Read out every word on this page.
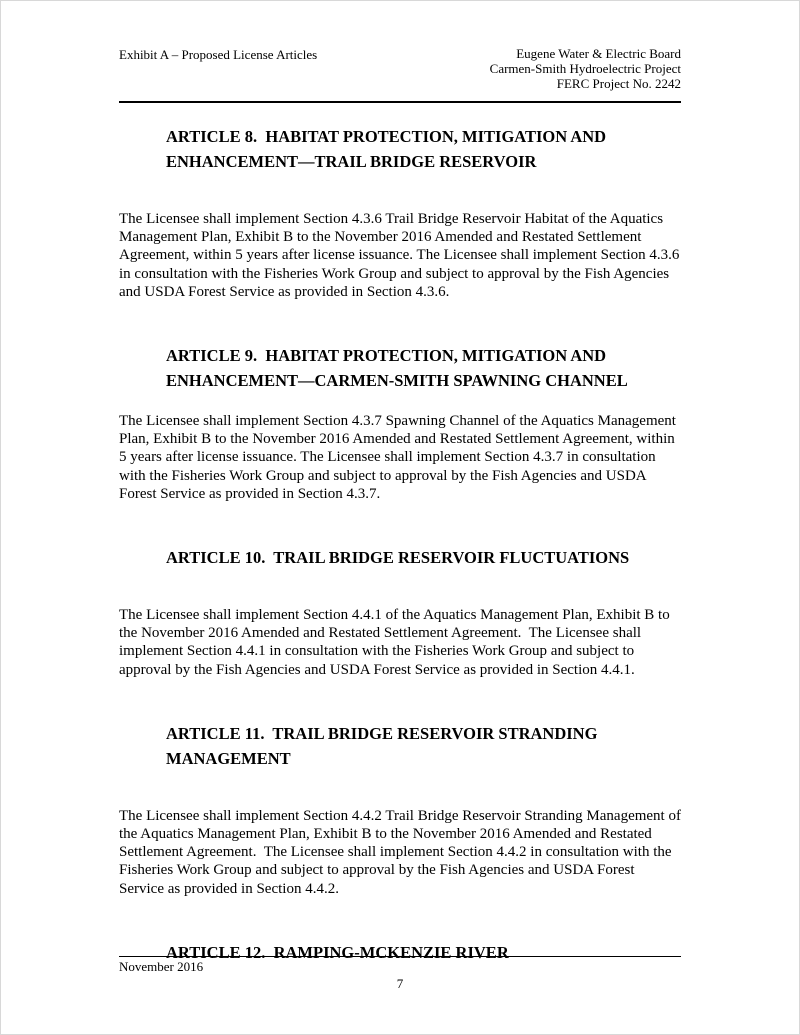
Exhibit A – Proposed License Articles	Eugene Water & Electric Board
Carmen-Smith Hydroelectric Project
FERC Project No. 2242
ARTICLE 8.  HABITAT PROTECTION, MITIGATION AND ENHANCEMENT—TRAIL BRIDGE RESERVOIR

The Licensee shall implement Section 4.3.6 Trail Bridge Reservoir Habitat of the Aquatics Management Plan, Exhibit B to the November 2016 Amended and Restated Settlement Agreement, within 5 years after license issuance. The Licensee shall implement Section 4.3.6 in consultation with the Fisheries Work Group and subject to approval by the Fish Agencies and USDA Forest Service as provided in Section 4.3.6.

ARTICLE 9.  HABITAT PROTECTION, MITIGATION AND ENHANCEMENT—CARMEN-SMITH SPAWNING CHANNEL

The Licensee shall implement Section 4.3.7 Spawning Channel of the Aquatics Management Plan, Exhibit B to the November 2016 Amended and Restated Settlement Agreement, within 5 years after license issuance. The Licensee shall implement Section 4.3.7 in consultation with the Fisheries Work Group and subject to approval by the Fish Agencies and USDA Forest Service as provided in Section 4.3.7.

ARTICLE 10.  TRAIL BRIDGE RESERVOIR FLUCTUATIONS

The Licensee shall implement Section 4.4.1 of the Aquatics Management Plan, Exhibit B to the November 2016 Amended and Restated Settlement Agreement.  The Licensee shall implement Section 4.4.1 in consultation with the Fisheries Work Group and subject to approval by the Fish Agencies and USDA Forest Service as provided in Section 4.4.1.

ARTICLE 11.  TRAIL BRIDGE RESERVOIR STRANDING MANAGEMENT

The Licensee shall implement Section 4.4.2 Trail Bridge Reservoir Stranding Management of the Aquatics Management Plan, Exhibit B to the November 2016 Amended and Restated Settlement Agreement.  The Licensee shall implement Section 4.4.2 in consultation with the Fisheries Work Group and subject to approval by the Fish Agencies and USDA Forest Service as provided in Section 4.4.2.

ARTICLE 12.  RAMPING-MCKENZIE RIVER
November 2016
7
